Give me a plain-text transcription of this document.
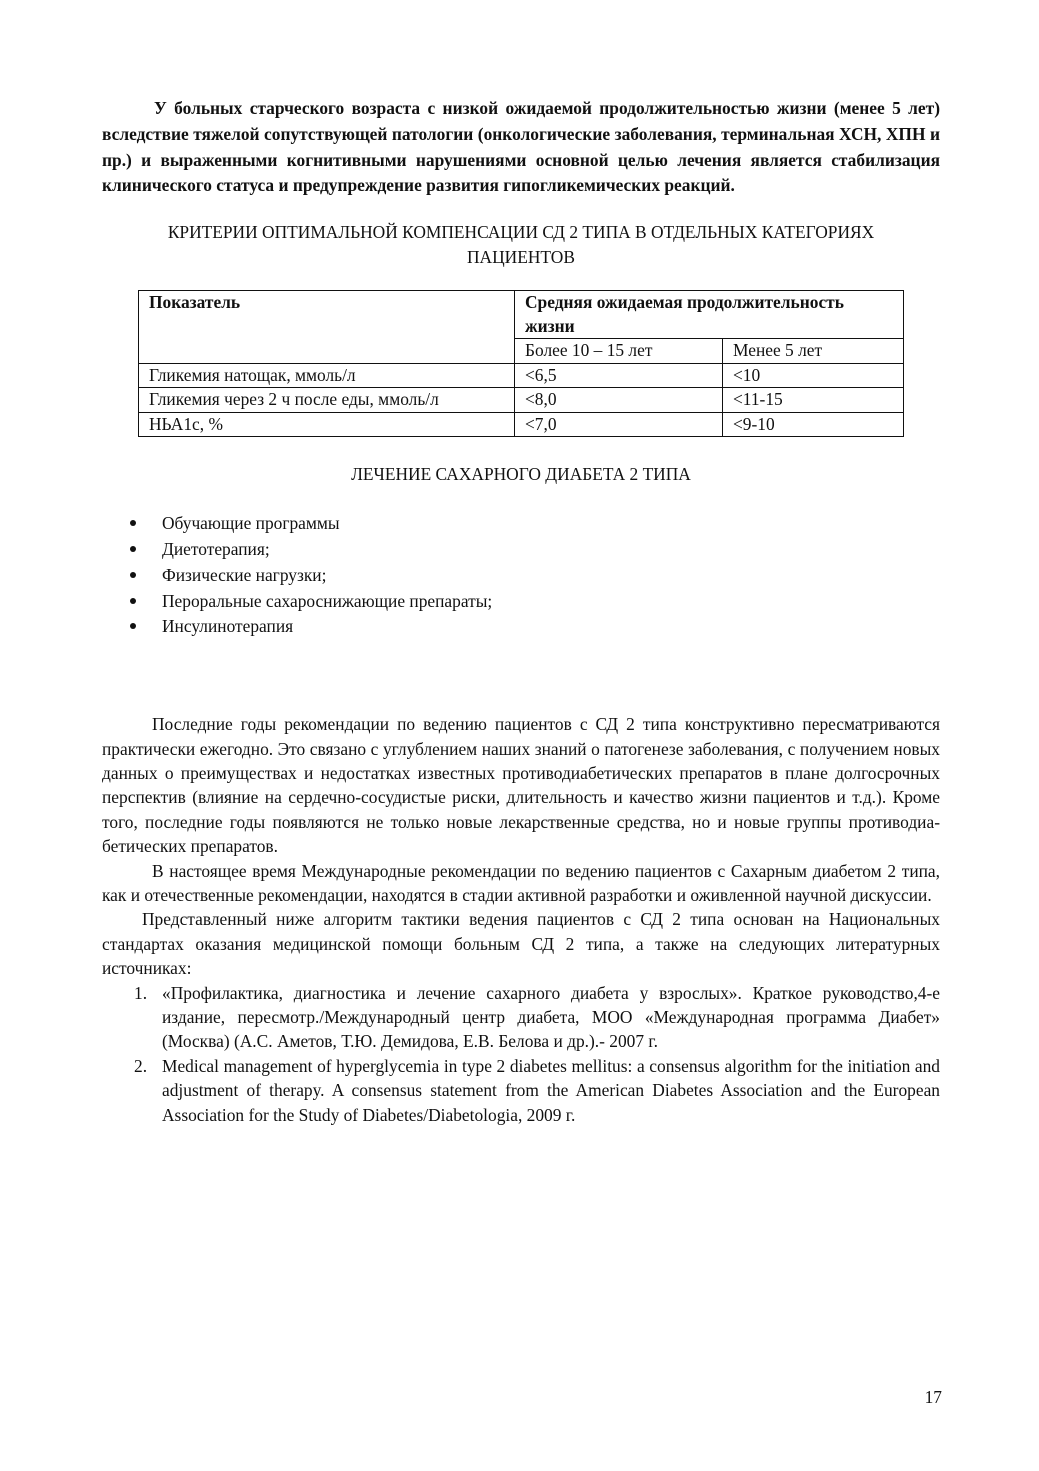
У больных старческого возраста с низкой ожидаемой продолжительностью жизни (менее 5 лет) вследствие тяжелой сопутствующей патологии (онкологические заболевания, терминальная ХСН, ХПН и пр.) и выраженными когнитивными нарушениями основной целью лечения является стабилизация клинического статуса и предупреждение развития гипогликемических реакций.

КРИТЕРИИ ОПТИМАЛЬНОЙ КОМПЕНСАЦИИ СД 2 ТИПА В ОТДЕЛЬНЫХ КАТЕГОРИЯХ ПАЦИЕНТОВ

Показатель	Средняя ожидаемая продолжительность жизни	
	Более 10 – 15 лет	Менее 5 лет
Гликемия натощак, ммоль/л	<6,5	<10
Гликемия через 2 ч после еды, ммоль/л	<8,0	<11-15
НЬА1с, %	<7,0	<9-10

ЛЕЧЕНИЕ САХАРНОГО ДИАБЕТА 2 ТИПА

Обучающие программы
Диетотерапия;
Физические нагрузки;
Пероральные сахароснижающие препараты;
Инсулинотерапия

Последние годы рекомендации по ведению пациентов с СД 2 типа конструктивно пересматриваются практически ежегодно. Это связано с углублением наших знаний о патогенезе заболевания, с получением новых данных о преимуществах и недостатках известных противодиабетических препаратов в плане долгосрочных перспектив (влияние на сердечно-сосудистые риски, длительность и качество жизни пациентов и т.д.). Кроме того, последние годы появляются не только новые лекарственные средства, но и новые группы противодиабетических препаратов.

В настоящее время Международные рекомендации по ведению пациентов с Сахарным диабетом 2 типа, как и отечественные рекомендации, находятся в стадии активной разработки и оживленной научной дискуссии.

Представленный ниже алгоритм тактики ведения пациентов с СД 2 типа основан на Национальных стандартах оказания медицинской помощи больным СД 2 типа, а также на следующих литературных источниках:

1. «Профилактика, диагностика и лечение сахарного диабета у взрослых». Краткое руководство,4-е издание, пересмотр./Международный центр диабета, МОО «Международная программа Диабет» (Москва) (А.С. Аметов, Т.Ю. Демидова, Е.В. Белова и др.).- 2007 г.
2. Medical management of hyperglycemia in type 2 diabetes mellitus: a consensus algorithm for the initiation and adjustment of therapy. A consensus statement from the American Diabetes Association and the European Association for the Study of Diabetes/Diabetologia, 2009 г.
17
